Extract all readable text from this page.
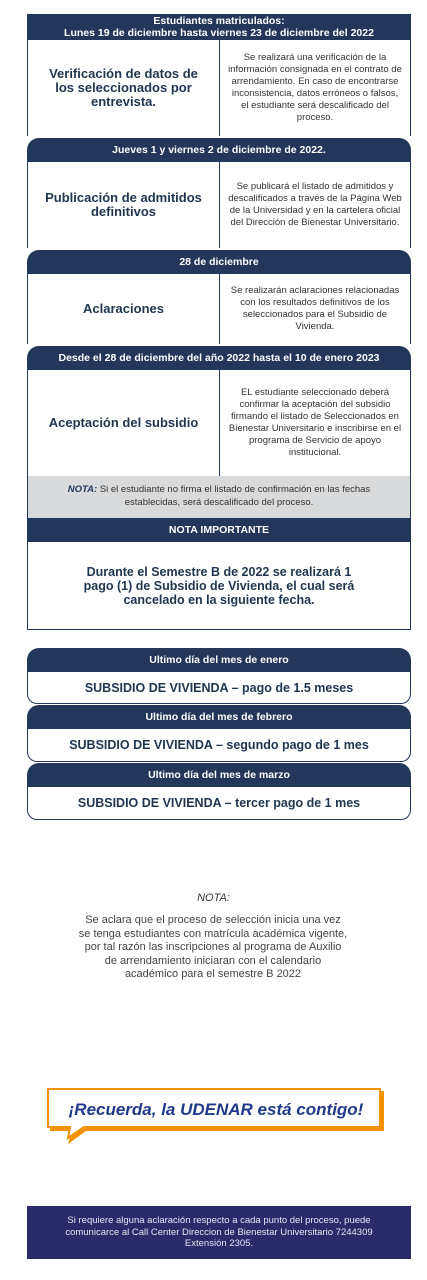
Estudiantes matriculados:
Lunes 19 de diciembre hasta viernes 23 de diciembre del 2022
Verificación de datos de los seleccionados por entrevista.
Se realizará una verificación de la información consignada en el contrato de arrendamiento. En caso de encontrarse inconsistencia, datos erróneos o falsos, el estudiante será descalificado del proceso.
Jueves 1 y viernes 2 de diciembre de 2022.
Publicación de admitidos definitivos
Se publicará el listado de admitidos y descalificados a través de la Página Web de la Universidad y en la cartelera oficial del Dirección de Bienestar Universitario.
28 de diciembre
Aclaraciones
Se realizarán aclaraciones relacionadas con los resultados definitivos de los seleccionados para el Subsidio de Vivienda.
Desde el 28 de diciembre del año 2022 hasta el 10 de enero 2023
Aceptación del subsidio
EL estudiante seleccionado deberá confirmar la aceptación del subsidio firmando el listado de Seleccionados en Bienestar Universitario e inscribirse en el programa de Servicio de apoyo institucional.
NOTA: Si el estudiante no firma el listado de confirmación en las fechas establecidas, será descalificado del proceso.
NOTA IMPORTANTE
Durante el Semestre B de 2022 se realizará 1 pago (1) de Subsidio de Vivienda, el cual será cancelado en la siguiente fecha.
Ultimo día del mes de enero
SUBSIDIO DE VIVIENDA – pago de 1.5 meses
Ultimo día del mes de febrero
SUBSIDIO DE VIVIENDA – segundo pago de 1 mes
Ultimo día del mes de marzo
SUBSIDIO DE VIVIENDA – tercer pago de 1 mes
NOTA:
Se aclara que el proceso de selección inicia una vez se tenga estudiantes con matrícula académica vigente, por tal razón las inscripciones al programa de Auxilio de arrendamiento iniciaran con el calendario académico para el semestre B 2022
¡Recuerda, la UDENAR está contigo!
Si requiere alguna aclaración respecto a cada punto del proceso, puede comunicarce al Call Center Direccion de Bienestar Universitario 7244309 Extensión 2305.
